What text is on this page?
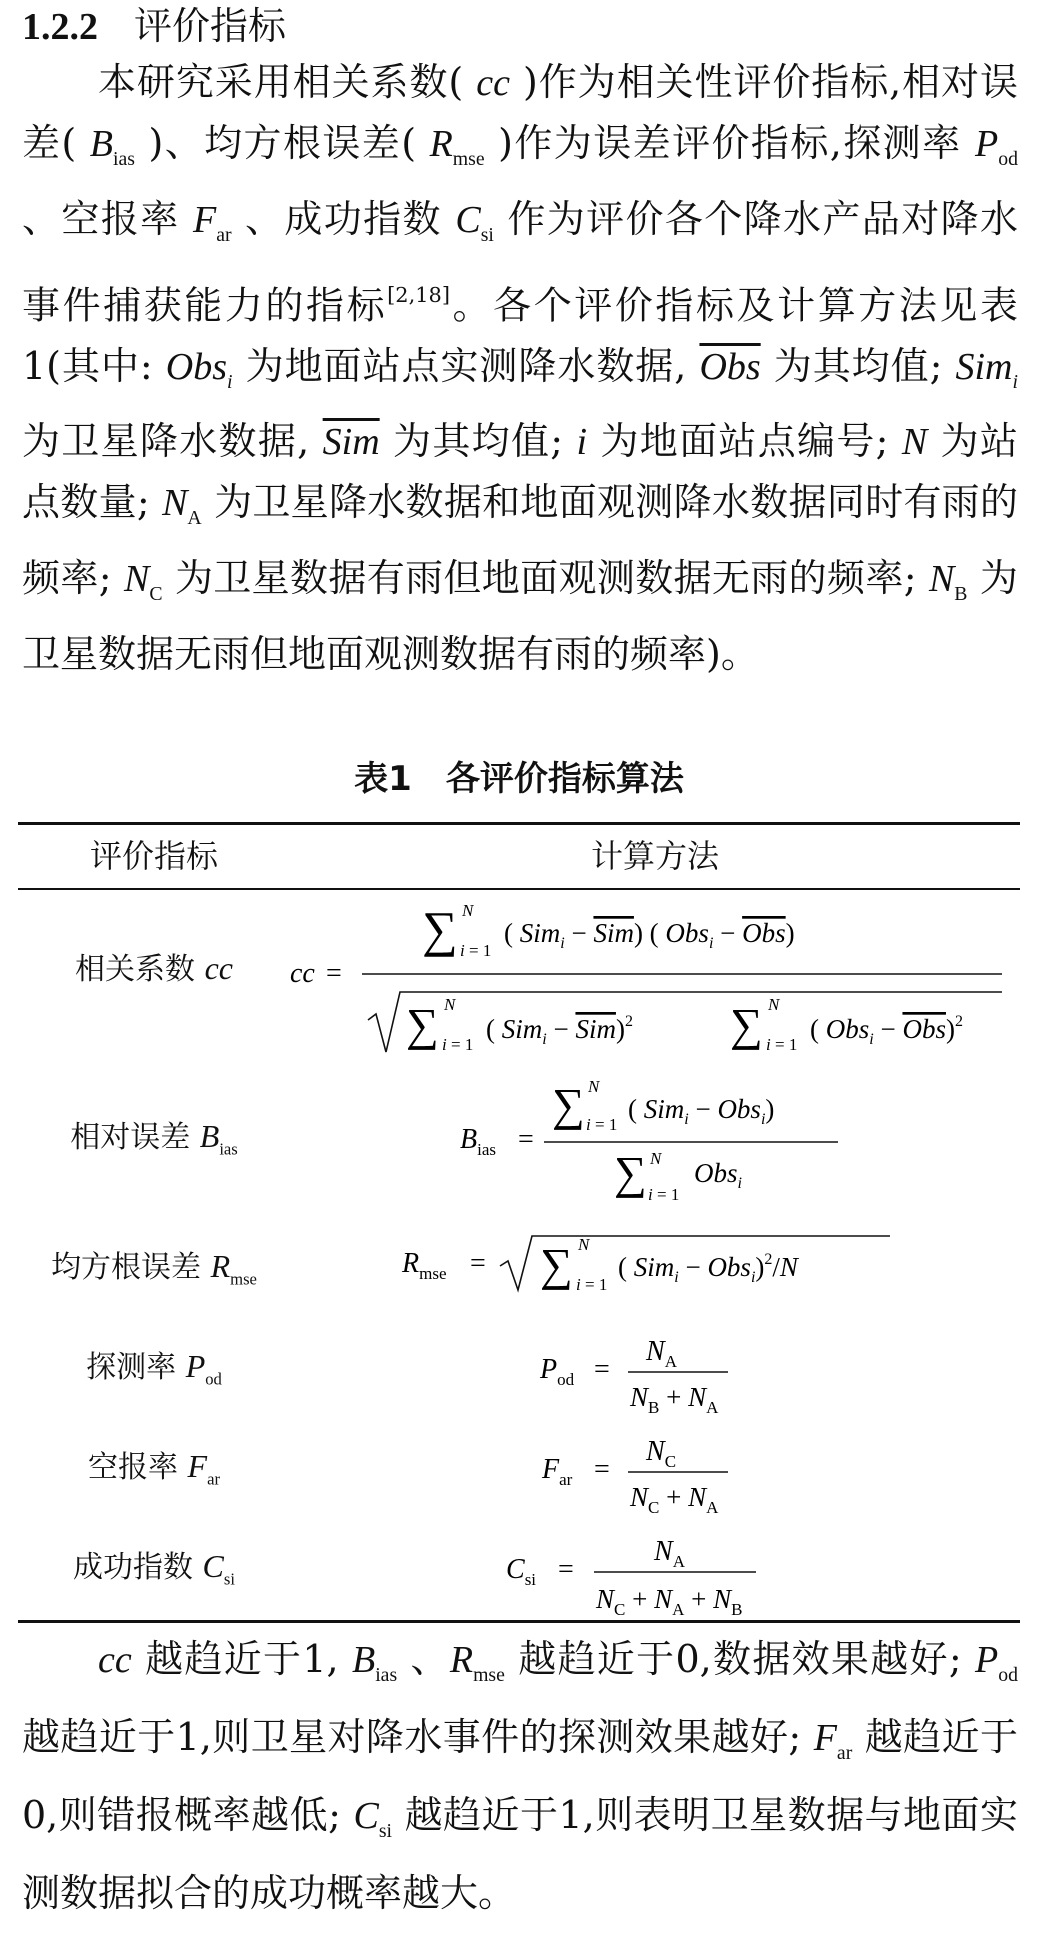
1.2.2 评价指标
本研究采用相关系数( cc )作为相关性评价指标,相对误差( $B_{ias}$ )、均方根误差( $R_{mse}$ )作为误差评价指标,探测率 $P_{od}$ 、空报率 $F_{ar}$ 、成功指数 $C_{si}$ 作为评价各个降水产品对降水事件捕获能力的指标[2,18]。各个评价指标及计算方法见表1(其中: Obs$_i$ 为地面站点实测降水数据, $\overline{Obs}$ 为其均值; Sim$_i$ 为卫星降水数据, $\overline{Sim}$ 为其均值; i 为地面站点编号; N 为站点数量; $N_A$ 为卫星降水数据和地面观测降水数据同时有雨的频率; $N_C$ 为卫星数据有雨但地面观测数据无雨的频率; $N_B$ 为卫星数据无雨但地面观测数据有雨的频率)。
表1　各评价指标算法
评价指标	计算方法
相关系数 cc
相对误差 $B_{ias}$
均方根误差 $R_{mse}$
探测率 $P_{od}$
空报率 $F_{ar}$
成功指数 $C_{si}$
cc =
∑ N
i = 1
( Sim$_i$ − Sim) ( Obs$_i$ − Obs)
∑ N
i = 1
( Sim$_i$ − Sim)$^2$ ∑ N
i = 1
( Obs$_i$ − Obs)$^2$
$B_{ias}$ =
∑ N
i = 1
( Sim$_i$ − Obs$_i$)
∑ N
i = 1
Obs$_i$
$R_{mse}$ = ∑ N
i = 1
( Sim$_i$ − Obs$_i$)$^2$/N
$P_{od}$ =
$N_A$
$N_B + N_A$
$F_{ar}$ =
$N_C$
$N_C + N_A$
$C_{si}$ =
$N_A$
$N_C + N_A + N_B$
cc 越趋近于1, $B_{ias}$ 、$R_{mse}$ 越趋近于0,数据效果越好; $P_{od}$ 越趋近于1,则卫星对降水事件的探测效果越好; $F_{ar}$ 越趋近于0,则错报概率越低; $C_{si}$ 越趋近于1,则表明卫星数据与地面实测数据拟合的成功概率越大。
